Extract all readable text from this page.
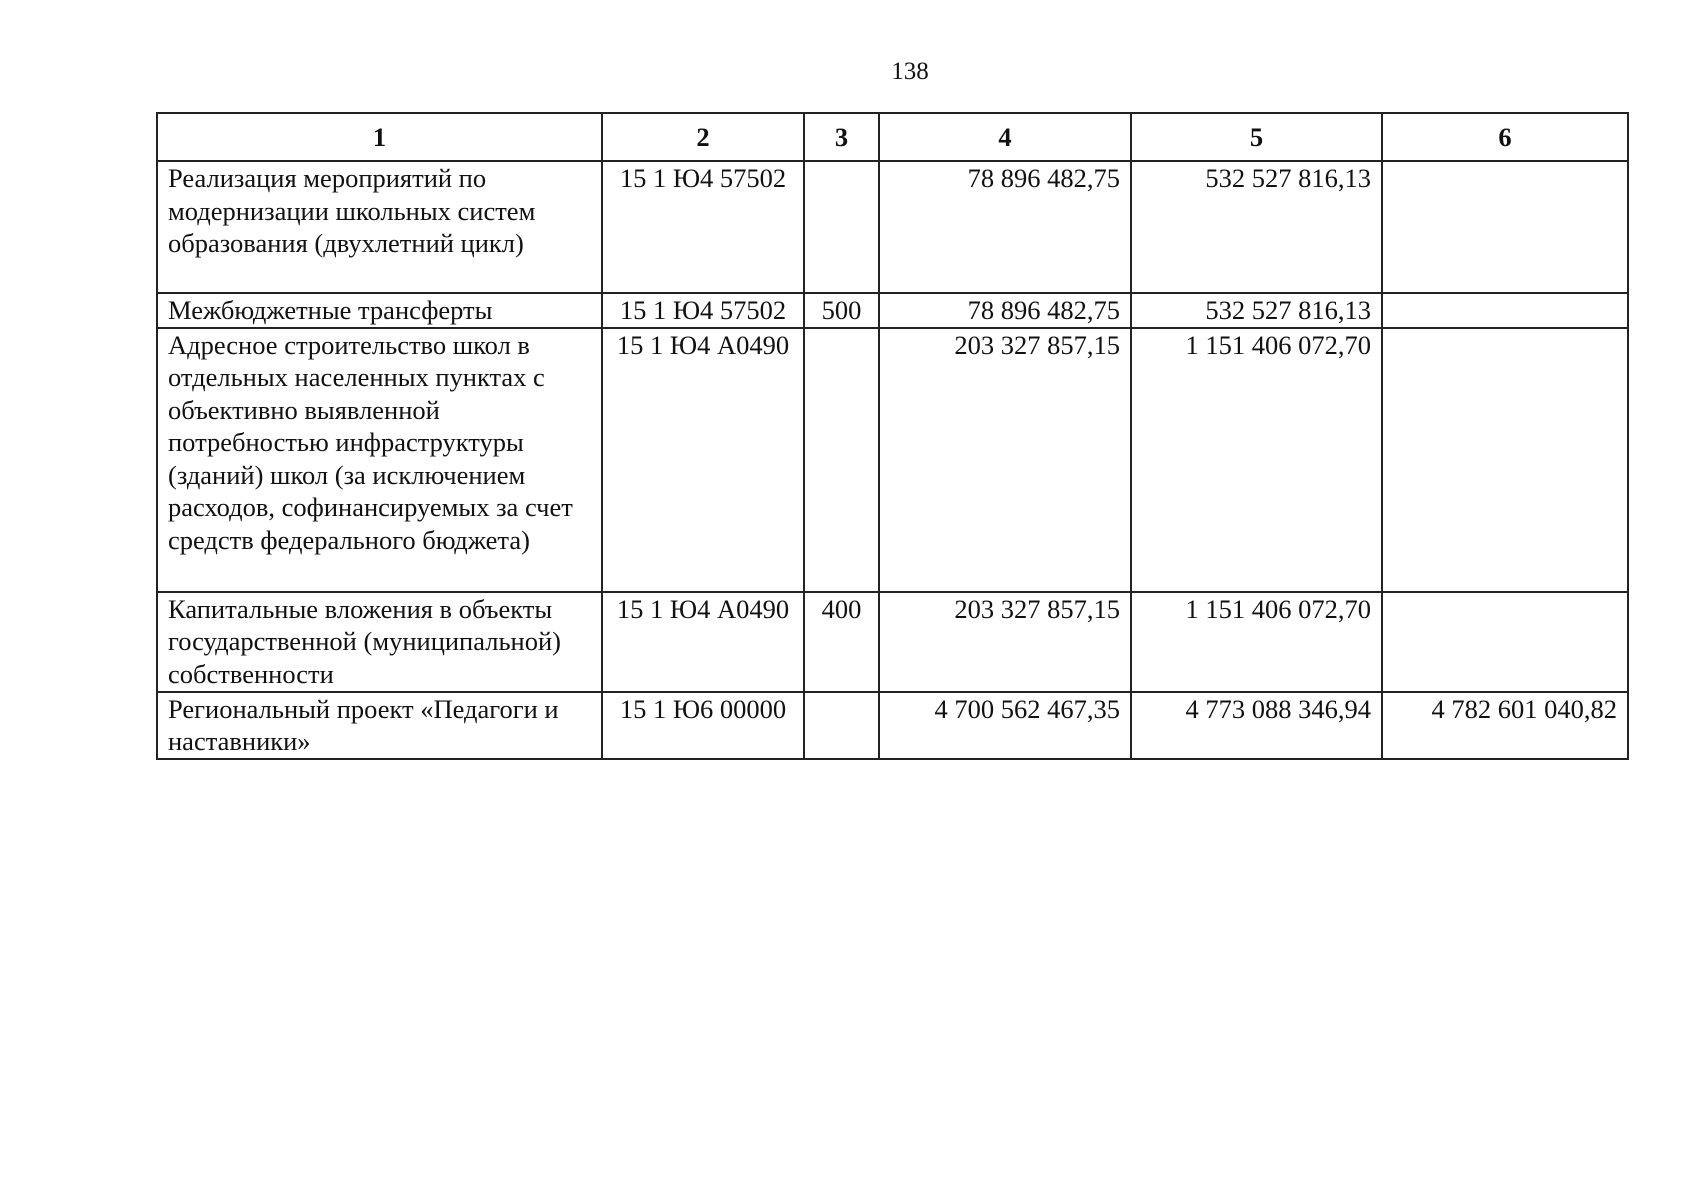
138
1	2	3	4	5	6
Реализация мероприятий по модернизации школьных систем образования (двухлетний цикл)	15 1 Ю4 57502		78 896 482,75	532 527 816,13	
Межбюджетные трансферты	15 1 Ю4 57502	500	78 896 482,75	532 527 816,13	
Адресное строительство школ в отдельных населенных пунктах с объективно выявленной потребностью инфраструктуры (зданий) школ (за исключением расходов, софинансируемых за счет средств федерального бюджета)	15 1 Ю4 А0490		203 327 857,15	1 151 406 072,70	
Капитальные вложения в объекты государственной (муниципальной) собственности	15 1 Ю4 А0490	400	203 327 857,15	1 151 406 072,70	
Региональный проект «Педагоги и наставники»	15 1 Ю6 00000		4 700 562 467,35	4 773 088 346,94	4 782 601 040,82
